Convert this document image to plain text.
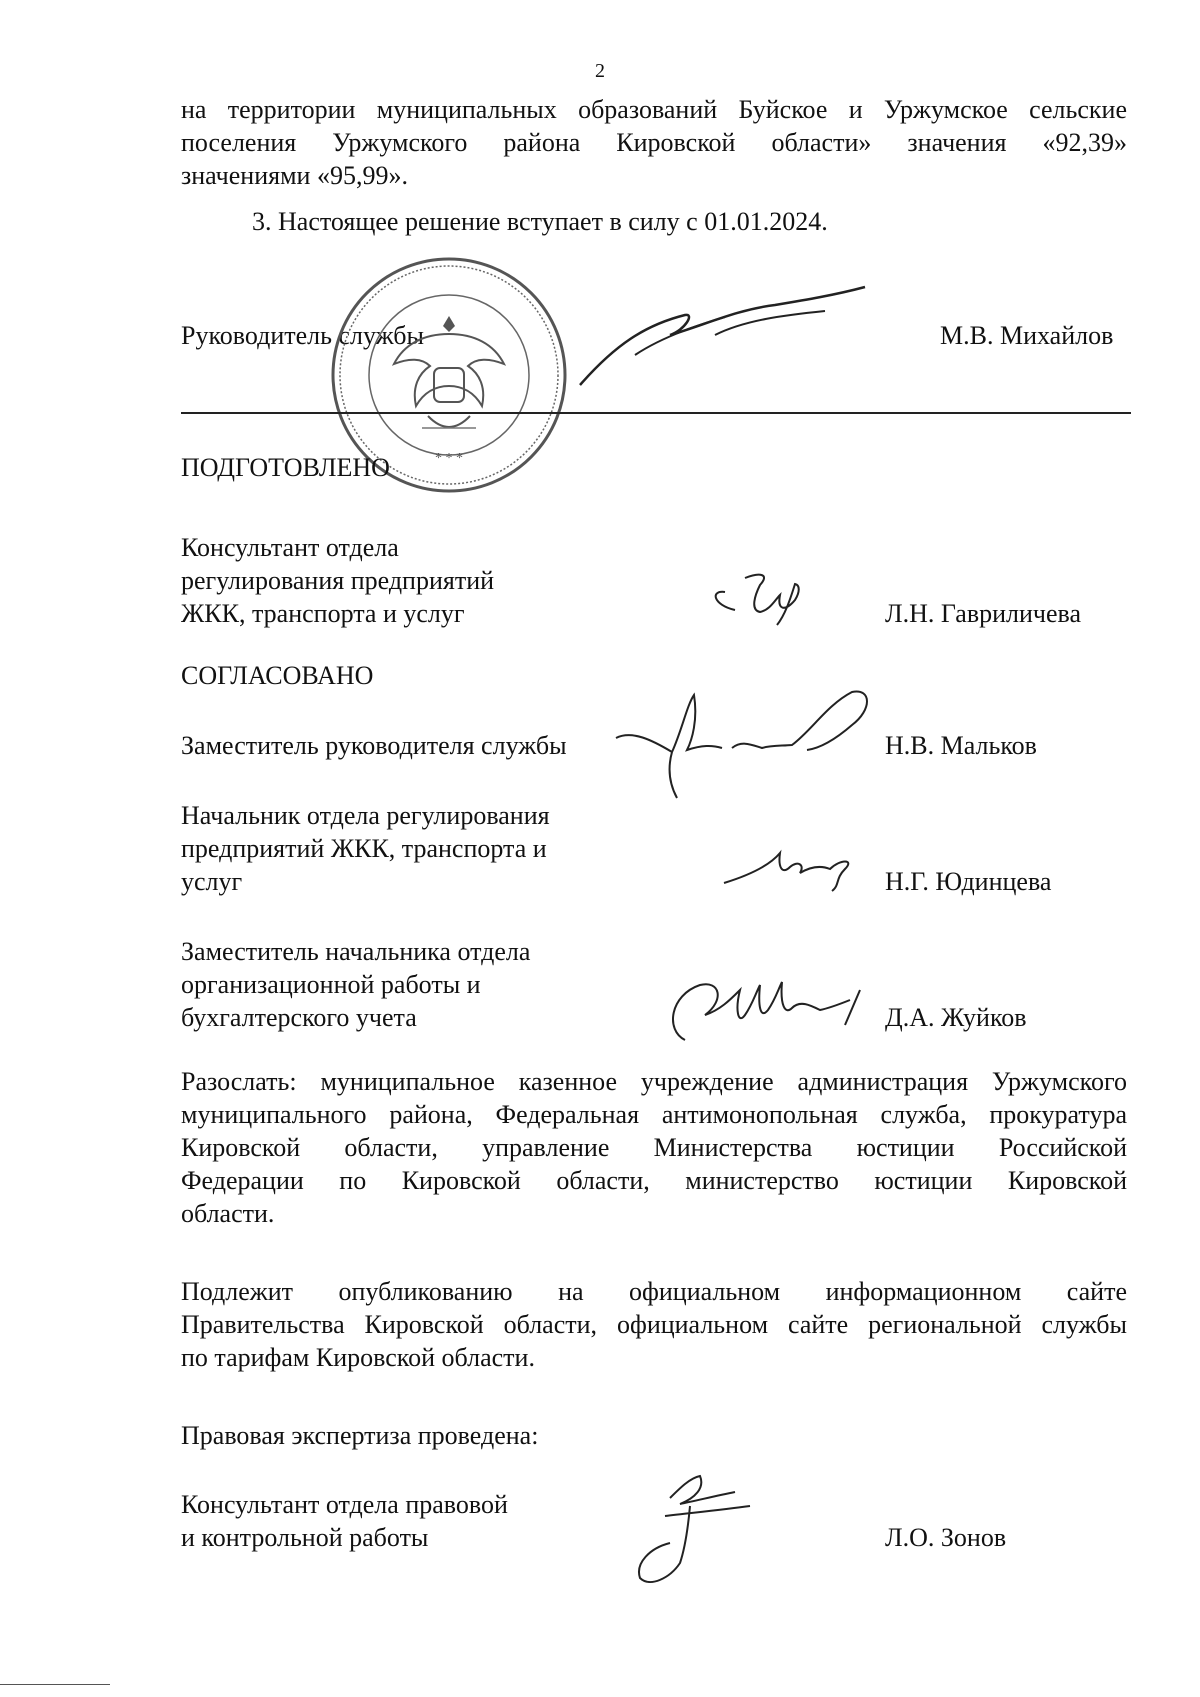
2
на территории муниципальных образований Буйское и Уржумское сельские
поселения Уржумского района Кировской области» значения «92,39»
значениями «95,99».
3. Настоящее решение вступает в силу с 01.01.2024.
Руководитель службы	М.В. Михайлов
* * *
ПОДГОТОВЛЕНО
Консультант отдела
регулирования предприятий
ЖКК, транспорта и услуг	Л.Н. Гавриличева
СОГЛАСОВАНО
Заместитель руководителя службы	Н.В. Мальков
Начальник отдела регулирования
предприятий ЖКК, транспорта и
услуг	Н.Г. Юдинцева
Заместитель начальника отдела
организационной работы и
бухгалтерского учета	Д.А. Жуйков
Разослать: муниципальное казенное учреждение администрация Уржумского
муниципального района, Федеральная антимонопольная служба, прокуратура
Кировской области, управление Министерства юстиции Российской
Федерации по Кировской области, министерство юстиции Кировской
области.
Подлежит опубликованию на официальном информационном сайте
Правительства Кировской области, официальном сайте региональной службы
по тарифам Кировской области.
Правовая экспертиза проведена:
Консультант отдела правовой
и контрольной работы	Л.О. Зонов
